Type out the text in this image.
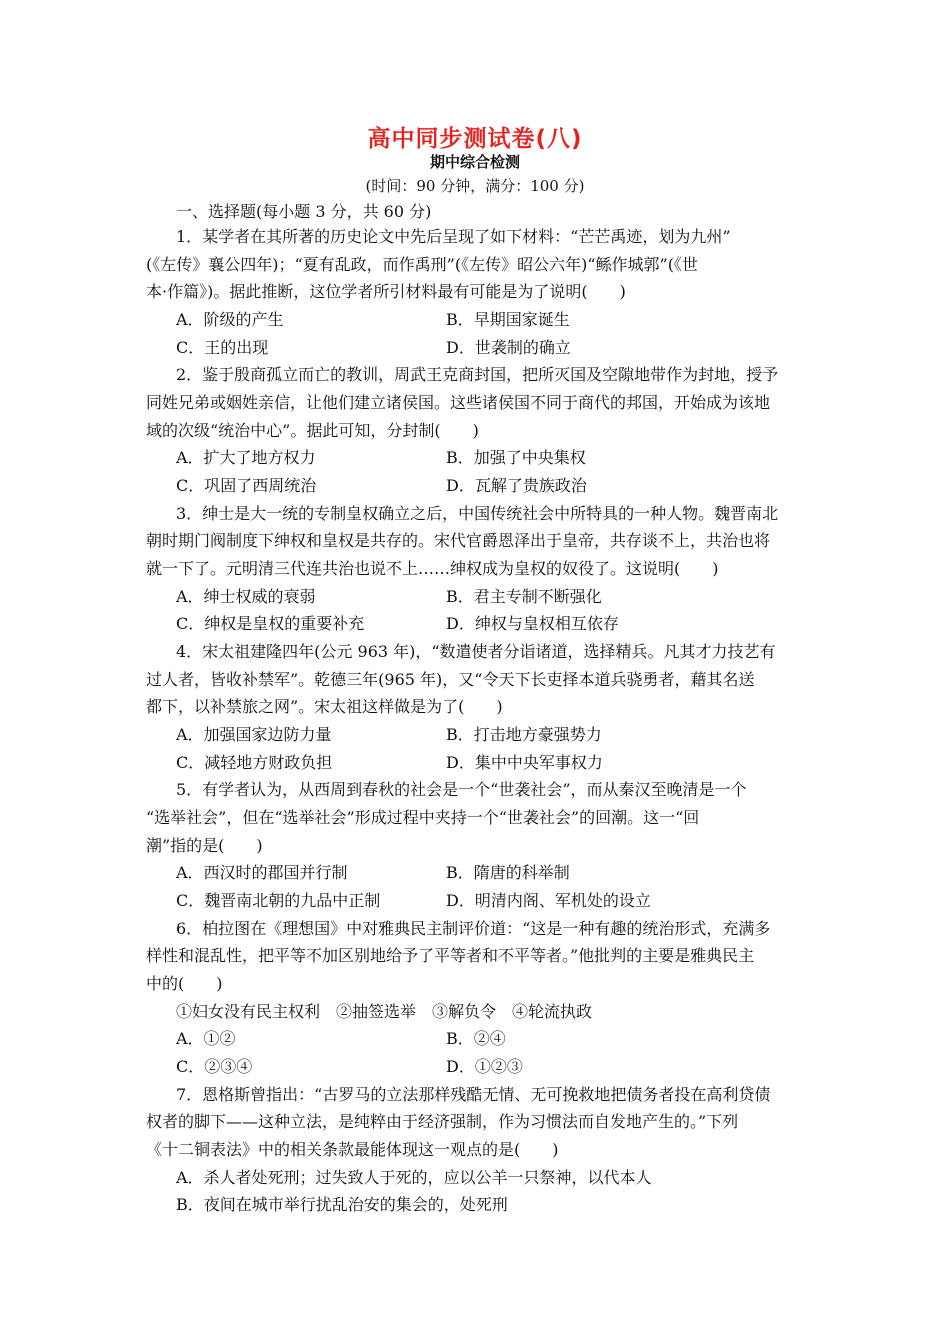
高中同步测试卷(八)
期中综合检测
(时间：90 分钟，满分：100 分)
一、选择题(每小题 3 分，共 60 分)
1．某学者在其所著的历史论文中先后呈现了如下材料：“芒芒禹迹，划为九州”
(《左传》襄公四年)；“夏有乱政，而作禹刑”(《左传》昭公六年)“鲧作城郭”(《世
本·作篇》)。据此推断，这位学者所引材料最有可能是为了说明(　　)
A．阶级的产生	B．早期国家诞生
C．王的出现	D．世袭制的确立
2．鉴于殷商孤立而亡的教训，周武王克商封国，把所灭国及空隙地带作为封地，授予
同姓兄弟或姻姓亲信，让他们建立诸侯国。这些诸侯国不同于商代的邦国，开始成为该地
域的次级“统治中心”。据此可知，分封制(　　)
A．扩大了地方权力	B．加强了中央集权
C．巩固了西周统治	D．瓦解了贵族政治
3．绅士是大一统的专制皇权确立之后，中国传统社会中所特具的一种人物。魏晋南北
朝时期门阀制度下绅权和皇权是共存的。宋代官爵恩泽出于皇帝，共存谈不上，共治也将
就一下了。元明清三代连共治也说不上……绅权成为皇权的奴役了。这说明(　　)
A．绅士权威的衰弱	B．君主专制不断强化
C．绅权是皇权的重要补充	D．绅权与皇权相互依存
4．宋太祖建隆四年(公元 963 年)，“数遣使者分诣诸道，选择精兵。凡其才力技艺有
过人者，皆收补禁军”。乾德三年(965 年)，又“令天下长吏择本道兵骁勇者，藉其名送
都下，以补禁旅之网”。宋太祖这样做是为了(　　)
A．加强国家边防力量	B．打击地方豪强势力
C．减轻地方财政负担	D．集中中央军事权力
5．有学者认为，从西周到春秋的社会是一个“世袭社会”，而从秦汉至晚清是一个
“选举社会”，但在“选举社会”形成过程中夹持一个“世袭社会”的回潮。这一“回
潮”指的是(　　)
A．西汉时的郡国并行制	B．隋唐的科举制
C．魏晋南北朝的九品中正制	D．明清内阁、军机处的设立
6．柏拉图在《理想国》中对雅典民主制评价道：“这是一种有趣的统治形式，充满多
样性和混乱性，把平等不加区别地给予了平等者和不平等者。”他批判的主要是雅典民主
中的(　　)
①妇女没有民主权利　②抽签选举　③解负令　④轮流执政
A．①②	B．②④
C．②③④	D．①②③
7．恩格斯曾指出：“古罗马的立法那样残酷无情、无可挽救地把债务者投在高利贷债
权者的脚下——这种立法，是纯粹由于经济强制，作为习惯法而自发地产生的。”下列
《十二铜表法》中的相关条款最能体现这一观点的是(　　)
A．杀人者处死刑；过失致人于死的，应以公羊一只祭神，以代本人
B．夜间在城市举行扰乱治安的集会的，处死刑
